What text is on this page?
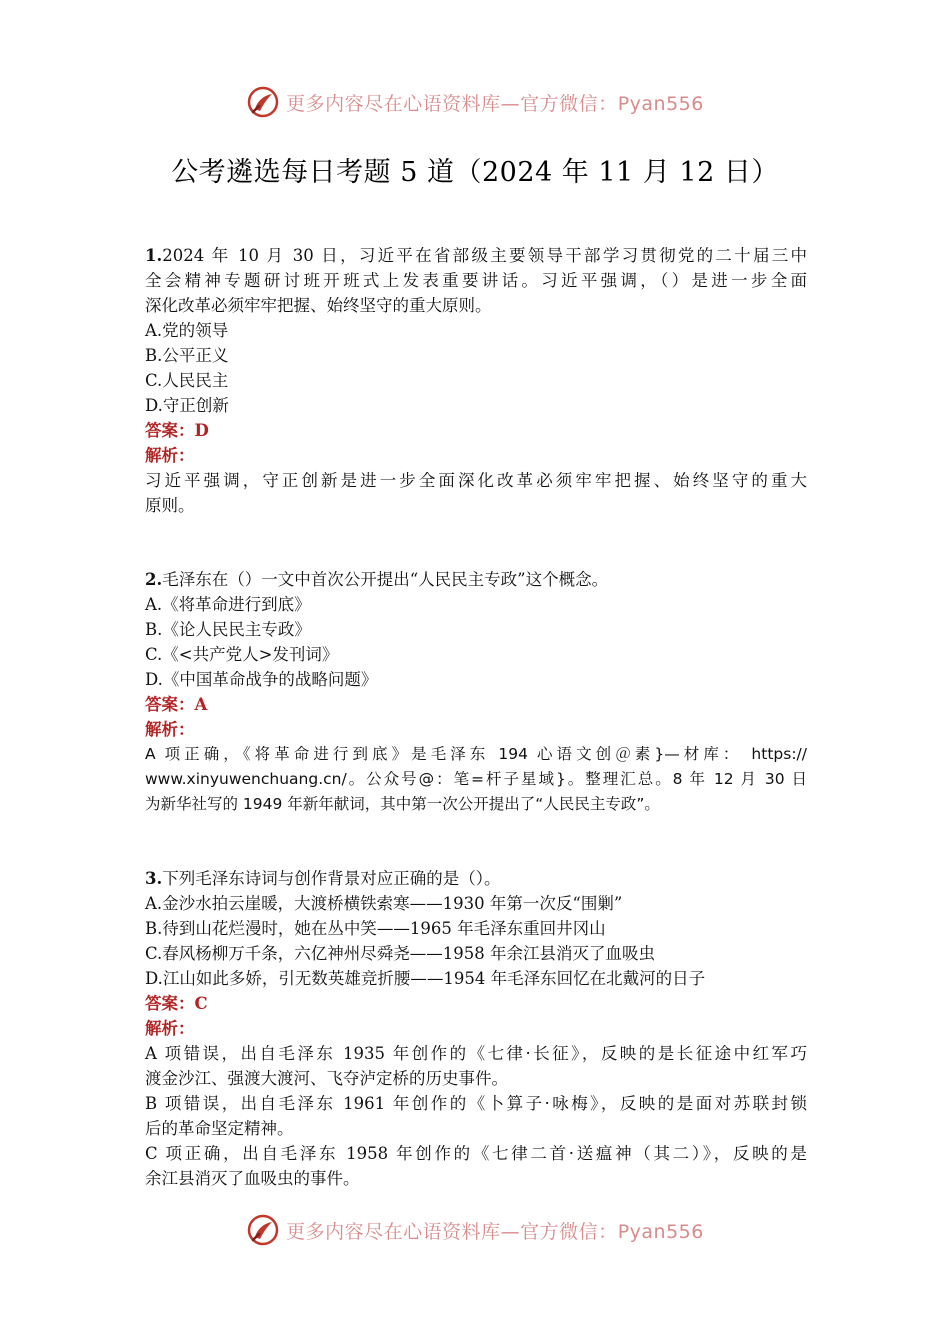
更多内容尽在心语资料库—官方微信：Pyan556
公考遴选每日考题 5 道（2024 年 11 月 12 日）
1.2024 年 10 月 30 日，习近平在省部级主要领导干部学习贯彻党的二十届三中
全会精神专题研讨班开班式上发表重要讲话。习近平强调，（）是进一步全面
深化改革必须牢牢把握、始终坚守的重大原则。
A.党的领导
B.公平正义
C.人民民主
D.守正创新
答案：D
解析：
习近平强调，守正创新是进一步全面深化改革必须牢牢把握、始终坚守的重大
原则。
2.毛泽东在（）一文中首次公开提出“人民民主专政”这个概念。
A.《将革命进行到底》
B.《论人民民主专政》
C.《<共产党人>发刊词》
D.《中国革命战争的战略问题》
答案：A
解析：
A 项正确，《将革命进行到底》是毛泽东 194 心语文创＠素}—材库： https://
www.xinyuwenchuang.cn/。公众号@：笔=杆子星域}。整理汇总。8 年 12 月 30 日
为新华社写的 1949 年新年献词，其中第一次公开提出了“人民民主专政”。
3.下列毛泽东诗词与创作背景对应正确的是（）。
A.金沙水拍云崖暖，大渡桥横铁索寒——1930 年第一次反“围剿”
B.待到山花烂漫时，她在丛中笑——1965 年毛泽东重回井冈山
C.春风杨柳万千条，六亿神州尽舜尧——1958 年余江县消灭了血吸虫
D.江山如此多娇，引无数英雄竞折腰——1954 年毛泽东回忆在北戴河的日子
答案：C
解析：
A 项错误，出自毛泽东 1935 年创作的《七律·长征》，反映的是长征途中红军巧
渡金沙江、强渡大渡河、飞夺泸定桥的历史事件。
B 项错误，出自毛泽东 1961 年创作的《卜算子·咏梅》，反映的是面对苏联封锁
后的革命坚定精神。
C 项正确，出自毛泽东 1958 年创作的《七律二首·送瘟神（其二）》，反映的是
余江县消灭了血吸虫的事件。
更多内容尽在心语资料库—官方微信：Pyan556
